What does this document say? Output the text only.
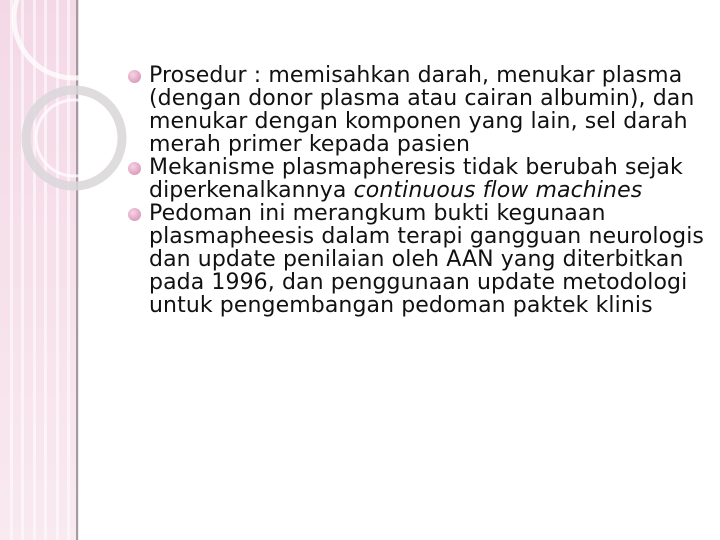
Prosedur : memisahkan darah, menukar plasma (dengan donor plasma atau cairan albumin), dan menukar dengan komponen yang lain, sel darah merah primer kepada pasien
Mekanisme plasmapheresis tidak berubah sejak diperkenalkannya continuous flow machines
Pedoman ini merangkum bukti kegunaan plasmapheesis dalam terapi gangguan neurologis dan update penilaian oleh AAN yang diterbitkan pada 1996, dan penggunaan update metodologi untuk pengembangan pedoman paktek klinis
